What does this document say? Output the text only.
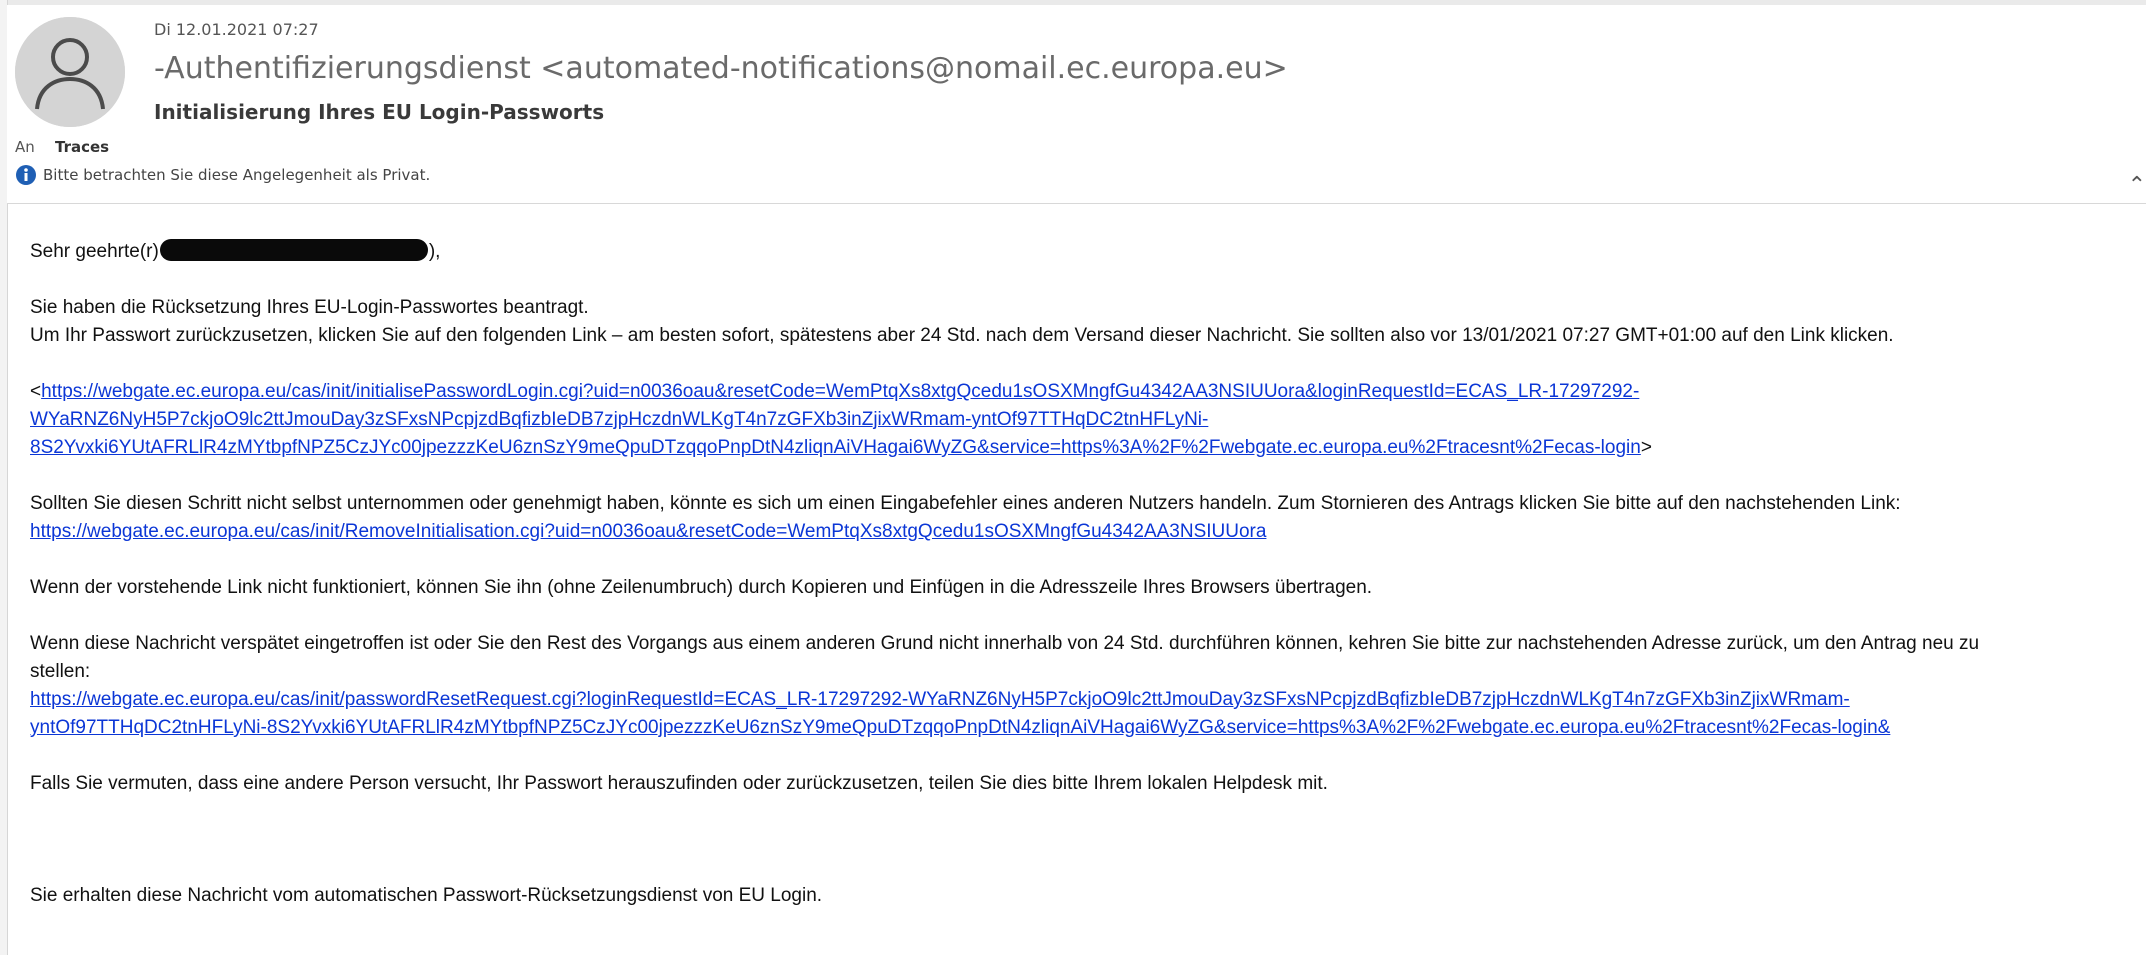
Di 12.01.2021 07:27
-Authentifizierungsdienst <automated-notifications@nomail.ec.europa.eu>
Initialisierung Ihres EU Login-Passworts
An Traces
Bitte betrachten Sie diese Angelegenheit als Privat.	⌃

Sehr geehrte(r)	),

Sie haben die Rücksetzung Ihres EU-Login-Passwortes beantragt.

Um Ihr Passwort zurückzusetzen, klicken Sie auf den folgenden Link – am besten sofort, spätestens aber 24 Std. nach dem Versand dieser Nachricht. Sie sollten also vor 13/01/2021 07:27 GMT+01:00 auf den Link klicken.

<https://webgate.ec.europa.eu/cas/init/initialisePasswordLogin.cgi?uid=n0036oau&resetCode=WemPtqXs8xtgQcedu1sOSXMngfGu4342AA3NSIUUora&loginRequestId=ECAS_LR-17297292-
WYaRNZ6NyH5P7ckjoO9lc2ttJmouDay3zSFxsNPcpjzdBqfizbIeDB7zjpHczdnWLKgT4n7zGFXb3inZjixWRmam-yntOf97TTHqDC2tnHFLyNi-
8S2Yvxki6YUtAFRLlR4zMYtbpfNPZ5CzJYc00jpezzzKeU6znSzY9meQpuDTzqqoPnpDtN4zliqnAiVHagai6WyZG&service=https%3A%2F%2Fwebgate.ec.europa.eu%2Ftracesnt%2Fecas-login>

Sollten Sie diesen Schritt nicht selbst unternommen oder genehmigt haben, könnte es sich um einen Eingabefehler eines anderen Nutzers handeln. Zum Stornieren des Antrags klicken Sie bitte auf den nachstehenden Link:

https://webgate.ec.europa.eu/cas/init/RemoveInitialisation.cgi?uid=n0036oau&resetCode=WemPtqXs8xtgQcedu1sOSXMngfGu4342AA3NSIUUora

Wenn der vorstehende Link nicht funktioniert, können Sie ihn (ohne Zeilenumbruch) durch Kopieren und Einfügen in die Adresszeile Ihres Browsers übertragen.

Wenn diese Nachricht verspätet eingetroffen ist oder Sie den Rest des Vorgangs aus einem anderen Grund nicht innerhalb von 24 Std. durchführen können, kehren Sie bitte zur nachstehenden Adresse zurück, um den Antrag neu zu

stellen:

https://webgate.ec.europa.eu/cas/init/passwordResetRequest.cgi?loginRequestId=ECAS_LR-17297292-WYaRNZ6NyH5P7ckjoO9lc2ttJmouDay3zSFxsNPcpjzdBqfizbIeDB7zjpHczdnWLKgT4n7zGFXb3inZjixWRmam-
yntOf97TTHqDC2tnHFLyNi-8S2Yvxki6YUtAFRLlR4zMYtbpfNPZ5CzJYc00jpezzzKeU6znSzY9meQpuDTzqqoPnpDtN4zliqnAiVHagai6WyZG&service=https%3A%2F%2Fwebgate.ec.europa.eu%2Ftracesnt%2Fecas-login&

Falls Sie vermuten, dass eine andere Person versucht, Ihr Passwort herauszufinden oder zurückzusetzen, teilen Sie dies bitte Ihrem lokalen Helpdesk mit.

Sie erhalten diese Nachricht vom automatischen Passwort-Rücksetzungsdienst von EU Login.
